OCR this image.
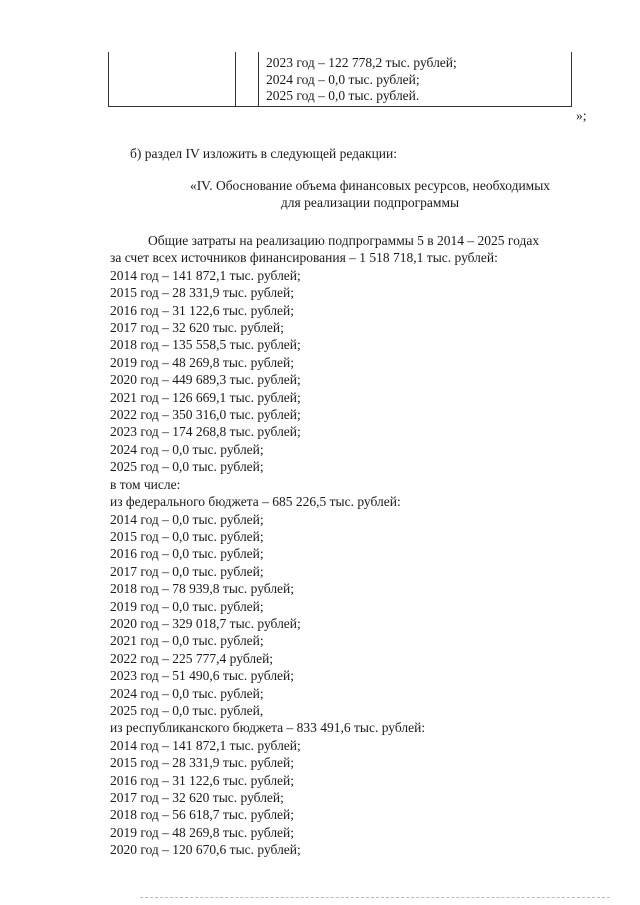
2023 год – 122 778,2 тыс. рублей;
2024 год – 0,0 тыс. рублей;
2025 год – 0,0 тыс. рублей.
»;
б) раздел IV изложить в следующей редакции:
«IV. Обоснование объема финансовых ресурсов, необходимых
для реализации подпрограммы
Общие затраты на реализацию подпрограммы 5 в 2014 – 2025 годах
за счет всех источников финансирования – 1 518 718,1 тыс. рублей:
2014 год – 141 872,1 тыс. рублей;
2015 год – 28 331,9 тыс. рублей;
2016 год – 31 122,6 тыс. рублей;
2017 год – 32 620 тыс. рублей;
2018 год – 135 558,5 тыс. рублей;
2019 год – 48 269,8 тыс. рублей;
2020 год – 449 689,3 тыс. рублей;
2021 год – 126 669,1 тыс. рублей;
2022 год – 350 316,0 тыс. рублей;
2023 год – 174 268,8 тыс. рублей;
2024 год – 0,0 тыс. рублей;
2025 год – 0,0 тыс. рублей;
в том числе:
из федерального бюджета – 685 226,5 тыс. рублей:
2014 год – 0,0 тыс. рублей;
2015 год – 0,0 тыс. рублей;
2016 год – 0,0 тыс. рублей;
2017 год – 0,0 тыс. рублей;
2018 год – 78 939,8 тыс. рублей;
2019 год – 0,0 тыс. рублей;
2020 год – 329 018,7 тыс. рублей;
2021 год – 0,0 тыс. рублей;
2022 год – 225 777,4 рублей;
2023 год – 51 490,6 тыс. рублей;
2024 год – 0,0 тыс. рублей;
2025 год – 0,0 тыс. рублей,
из республиканского бюджета – 833 491,6 тыс. рублей:
2014 год – 141 872,1 тыс. рублей;
2015 год – 28 331,9 тыс. рублей;
2016 год – 31 122,6 тыс. рублей;
2017 год – 32 620 тыс. рублей;
2018 год – 56 618,7 тыс. рублей;
2019 год – 48 269,8 тыс. рублей;
2020 год – 120 670,6 тыс. рублей;
